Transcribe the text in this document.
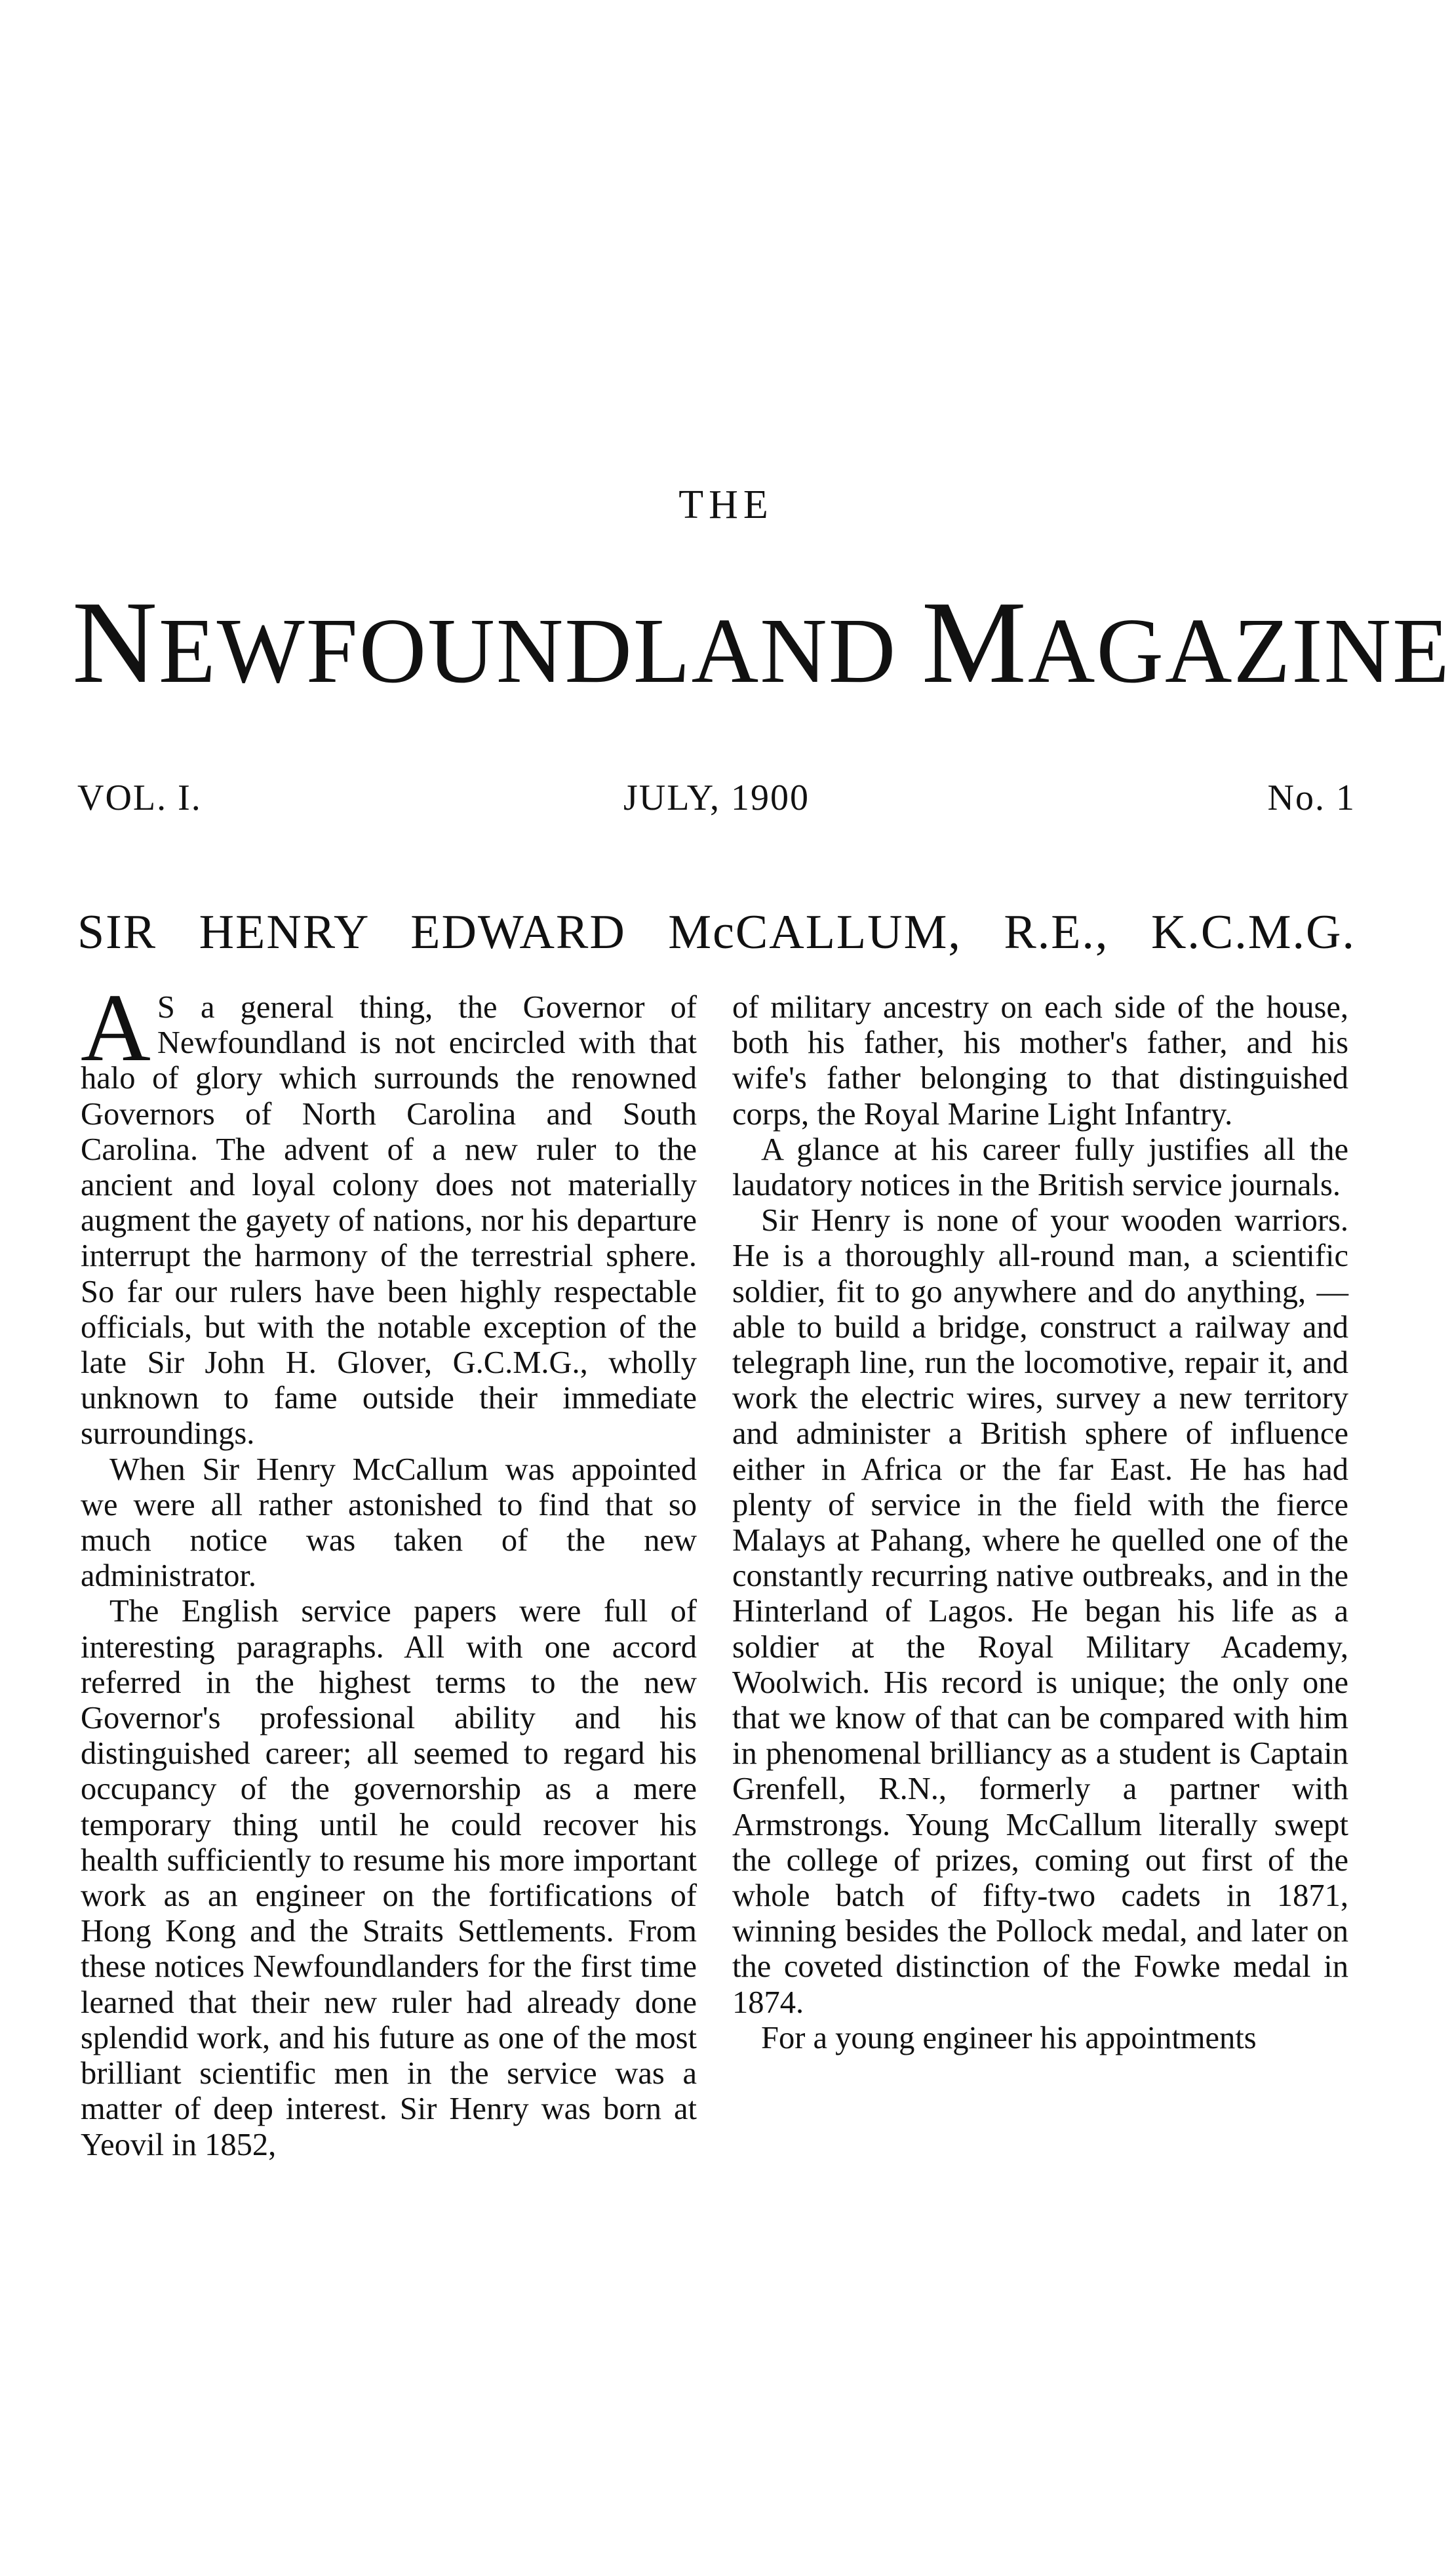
THE
NEWFOUNDLAND MAGAZINE
JULY, 1900
VOL. I.	No. 1
SIR HENRY EDWARD McCALLUM, R.E., K.C.M.G.

A S a general thing, the Governor of Newfoundland is not encircled with that halo of glory which surrounds the renowned Governors of North Carolina and South Carolina. The advent of a new ruler to the ancient and loyal colony does not materially augment the gayety of nations, nor his departure interrupt the harmony of the terrestrial sphere. So far our rulers have been highly respectable officials, but with the notable exception of the late Sir John H. Glover, G.C.M.G., wholly unknown to fame outside their immediate surroundings.

When Sir Henry McCallum was appointed we were all rather astonished to find that so much notice was taken of the new administrator.

The English service papers were full of interesting paragraphs. All with one accord referred in the highest terms to the new Governor's professional ability and his distinguished career; all seemed to regard his occupancy of the governorship as a mere temporary thing until he could recover his health sufficiently to resume his more important work as an engineer on the fortifications of Hong Kong and the Straits Settlements. From these notices Newfoundlanders for the first time learned that their new ruler had already done splendid work, and his future as one of the most brilliant scientific men in the service was a matter of deep interest. Sir Henry was born at Yeovil in 1852,

of military ancestry on each side of the house, both his father, his mother's father, and his wife's father belonging to that distinguished corps, the Royal Marine Light Infantry.

A glance at his career fully justifies all the laudatory notices in the British service journals.

Sir Henry is none of your wooden warriors. He is a thoroughly all-round man, a scientific soldier, fit to go anywhere and do anything, — able to build a bridge, construct a railway and telegraph line, run the locomotive, repair it, and work the electric wires, survey a new territory and administer a British sphere of influence either in Africa or the far East. He has had plenty of service in the field with the fierce Malays at Pahang, where he quelled one of the constantly recurring native outbreaks, and in the Hinterland of Lagos. He began his life as a soldier at the Royal Military Academy, Woolwich. His record is unique; the only one that we know of that can be compared with him in phenomenal brilliancy as a student is Captain Grenfell, R.N., formerly a partner with Armstrongs. Young McCallum literally swept the college of prizes, coming out first of the whole batch of fifty-two cadets in 1871, winning besides the Pollock medal, and later on the coveted distinction of the Fowke medal in 1874.

For a young engineer his appointments
